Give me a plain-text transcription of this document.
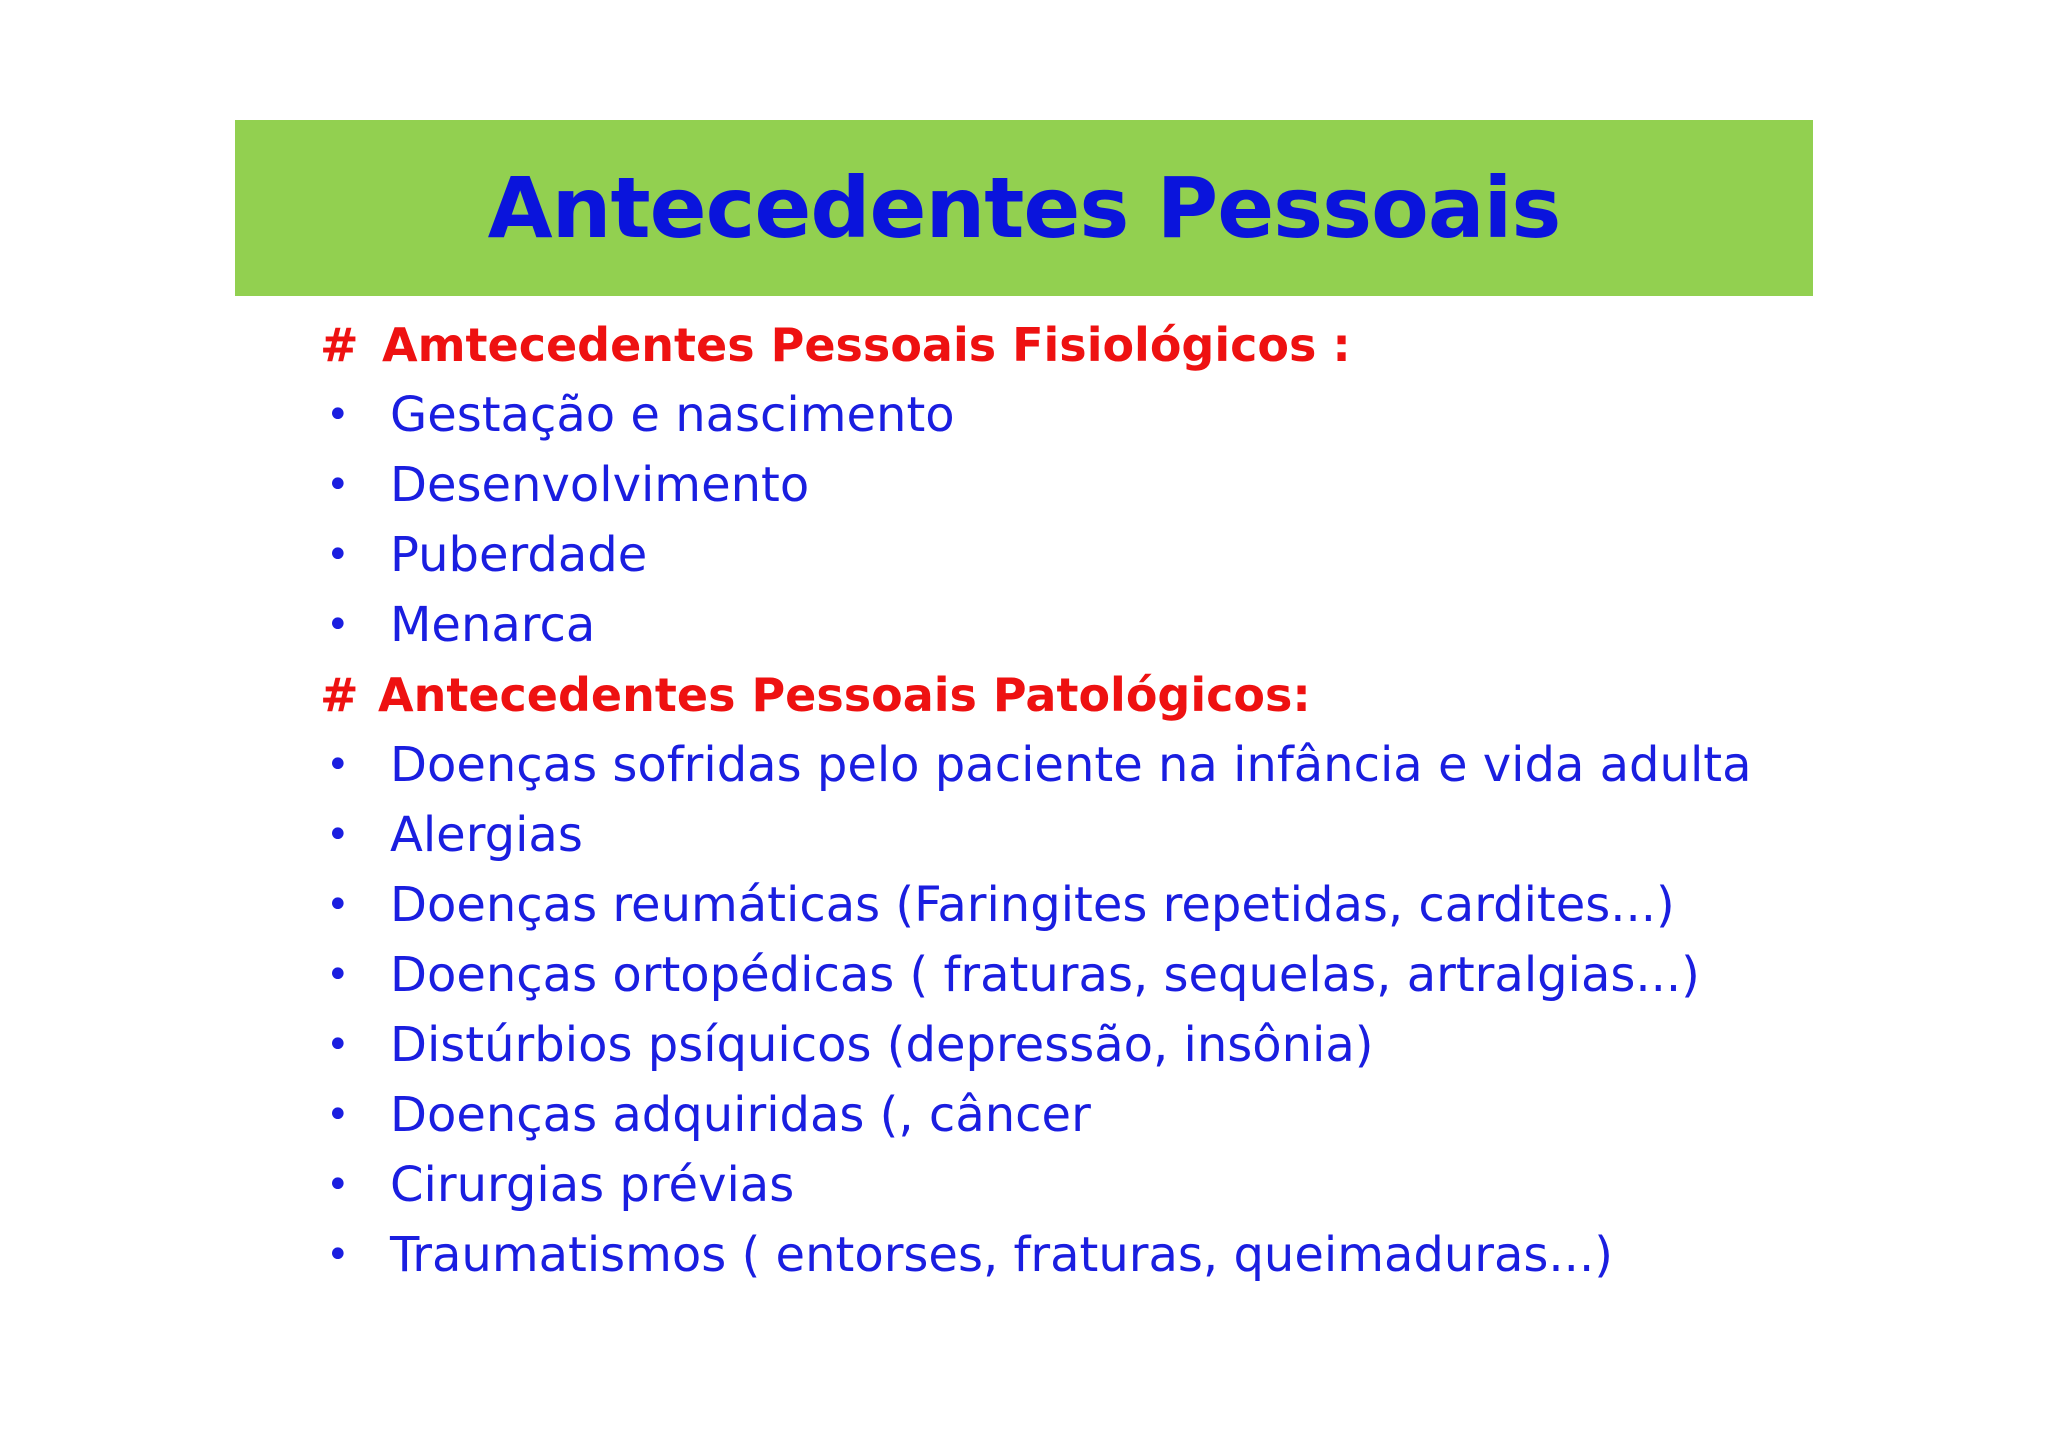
Antecedentes Pessoais
# Amtecedentes Pessoais Fisiológicos :
• Gestação e nascimento
• Desenvolvimento
• Puberdade
• Menarca
# Antecedentes Pessoais Patológicos:
• Doenças sofridas pelo paciente na infância e vida adulta
• Alergias
• Doenças reumáticas (Faringites repetidas, cardites...)
• Doenças ortopédicas ( fraturas, sequelas, artralgias...)
• Distúrbios psíquicos (depressão, insônia)
• Doenças adquiridas (, câncer
• Cirurgias prévias
• Traumatismos ( entorses, fraturas, queimaduras...)
